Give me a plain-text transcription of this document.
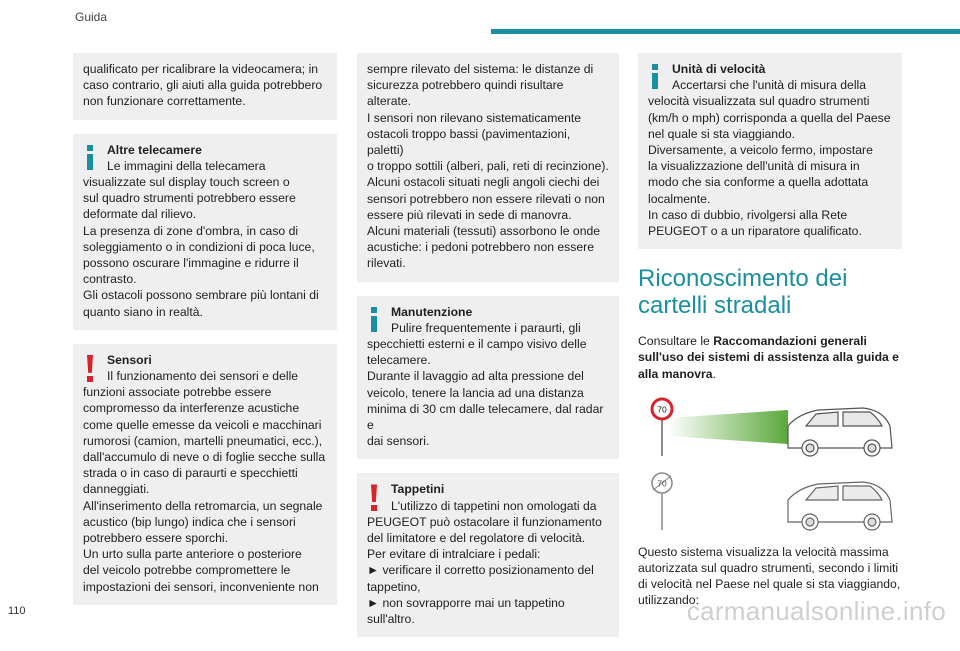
Guida
qualificato per ricalibrare la videocamera; in
caso contrario, gli aiuti alla guida potrebbero
non funzionare correttamente.
Altre telecamere
Le immagini della telecamera
visualizzate sul display touch screen o
sul quadro strumenti potrebbero essere
deformate dal rilievo.
La presenza di zone d'ombra, in caso di
soleggiamento o in condizioni di poca luce,
possono oscurare l'immagine e ridurre il
contrasto.
Gli ostacoli possono sembrare più lontani di
quanto siano in realtà.
Sensori
Il funzionamento dei sensori e delle
funzioni associate potrebbe essere
compromesso da interferenze acustiche
come quelle emesse da veicoli e macchinari
rumorosi (camion, martelli pneumatici, ecc.),
dall'accumulo di neve o di foglie secche sulla
strada o in caso di paraurti e specchietti
danneggiati.
All'inserimento della retromarcia, un segnale
acustico (bip lungo) indica che i sensori
potrebbero essere sporchi.
Un urto sulla parte anteriore o posteriore
del veicolo potrebbe compromettere le
impostazioni dei sensori, inconveniente non
sempre rilevato del sistema: le distanze di
sicurezza potrebbero quindi risultare alterate.
I sensori non rilevano sistematicamente
ostacoli troppo bassi (pavimentazioni, paletti)
o troppo sottili (alberi, pali, reti di recinzione).
Alcuni ostacoli situati negli angoli ciechi dei
sensori potrebbero non essere rilevati o non
essere più rilevati in sede di manovra.
Alcuni materiali (tessuti) assorbono le onde
acustiche: i pedoni potrebbero non essere
rilevati.
Manutenzione
Pulire frequentemente i paraurti, gli
specchietti esterni e il campo visivo delle
telecamere.
Durante il lavaggio ad alta pressione del
veicolo, tenere la lancia ad una distanza
minima di 30 cm dalle telecamere, dal radar e
dai sensori.
Tappetini
L'utilizzo di tappetini non omologati da
PEUGEOT può ostacolare il funzionamento
del limitatore e del regolatore di velocità.
Per evitare di intralciare i pedali:
► verificare il corretto posizionamento del
tappetino,
► non sovrapporre mai un tappetino
sull'altro.
Unità di velocità
Accertarsi che l'unità di misura della
velocità visualizzata sul quadro strumenti
(km/h o mph) corrisponda a quella del Paese
nel quale si sta viaggiando.
Diversamente, a veicolo fermo, impostare
la visualizzazione dell'unità di misura in
modo che sia conforme a quella adottata
localmente.
In caso di dubbio, rivolgersi alla Rete
PEUGEOT o a un riparatore qualificato.
Riconoscimento dei
cartelli stradali

Consultare le Raccomandazioni generali
sull'uso dei sistemi di assistenza alla guida e
alla manovra.

70
70
Questo sistema visualizza la velocità massima
autorizzata sul quadro strumenti, secondo i limiti
di velocità nel Paese nel quale si sta viaggiando,
utilizzando:
110	carmanualsonline.info
